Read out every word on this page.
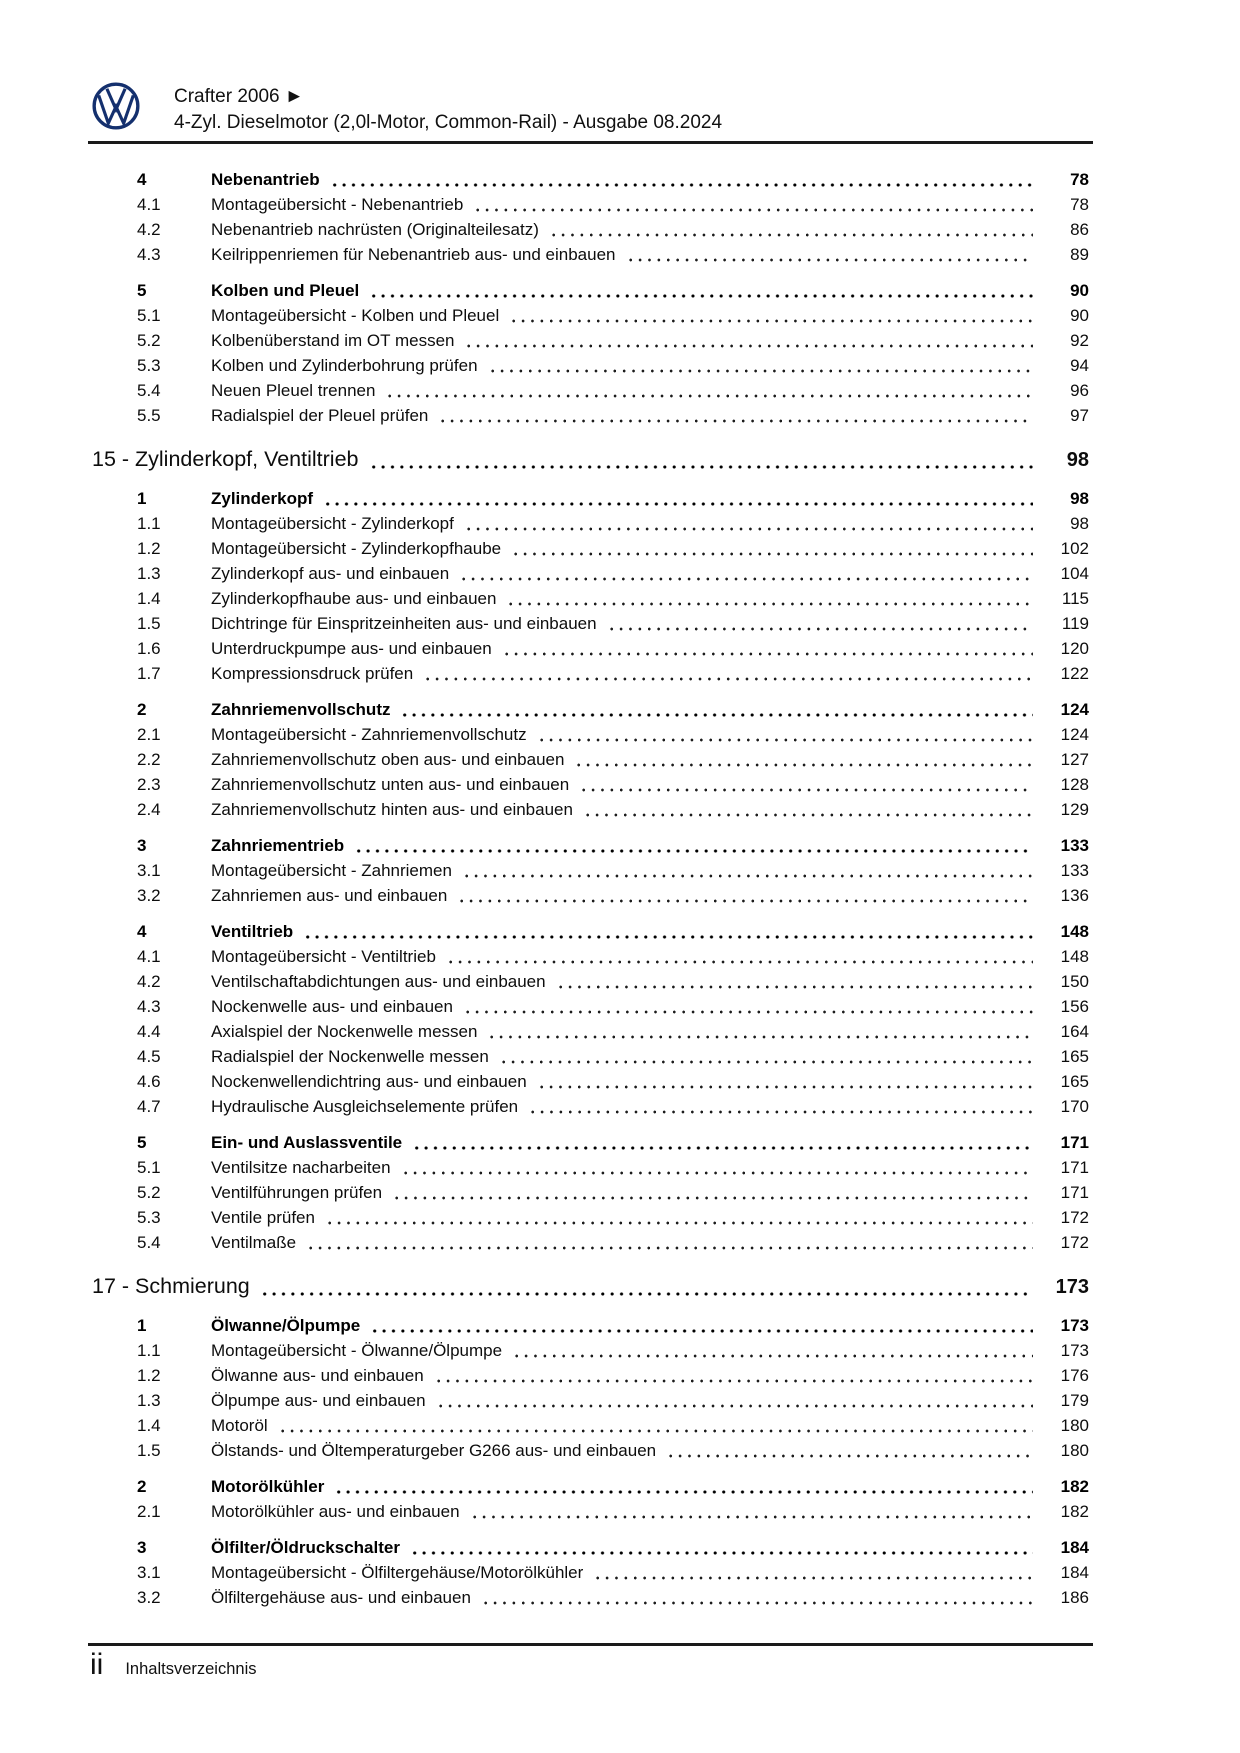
Crafter 2006 ►
4-Zyl. Dieselmotor (2,0l-Motor, Common-Rail) - Ausgabe 08.2024
4	Nebenantrieb	78
4.1	Montageübersicht - Nebenantrieb	78
4.2	Nebenantrieb nachrüsten (Originalteilesatz)	86
4.3	Keilrippenriemen für Nebenantrieb aus- und einbauen	89
5	Kolben und Pleuel	90
5.1	Montageübersicht - Kolben und Pleuel	90
5.2	Kolbenüberstand im OT messen	92
5.3	Kolben und Zylinderbohrung prüfen	94
5.4	Neuen Pleuel trennen	96
5.5	Radialspiel der Pleuel prüfen	97
15 - Zylinderkopf, Ventiltrieb	98
1	Zylinderkopf	98
1.1	Montageübersicht - Zylinderkopf	98
1.2	Montageübersicht - Zylinderkopfhaube	102
1.3	Zylinderkopf aus- und einbauen	104
1.4	Zylinderkopfhaube aus- und einbauen	115
1.5	Dichtringe für Einspritzeinheiten aus- und einbauen	119
1.6	Unterdruckpumpe aus- und einbauen	120
1.7	Kompressionsdruck prüfen	122
2	Zahnriemenvollschutz	124
2.1	Montageübersicht - Zahnriemenvollschutz	124
2.2	Zahnriemenvollschutz oben aus- und einbauen	127
2.3	Zahnriemenvollschutz unten aus- und einbauen	128
2.4	Zahnriemenvollschutz hinten aus- und einbauen	129
3	Zahnriementrieb	133
3.1	Montageübersicht - Zahnriemen	133
3.2	Zahnriemen aus- und einbauen	136
4	Ventiltrieb	148
4.1	Montageübersicht - Ventiltrieb	148
4.2	Ventilschaftabdichtungen aus- und einbauen	150
4.3	Nockenwelle aus- und einbauen	156
4.4	Axialspiel der Nockenwelle messen	164
4.5	Radialspiel der Nockenwelle messen	165
4.6	Nockenwellendichtring aus- und einbauen	165
4.7	Hydraulische Ausgleichselemente prüfen	170
5	Ein- und Auslassventile	171
5.1	Ventilsitze nacharbeiten	171
5.2	Ventilführungen prüfen	171
5.3	Ventile prüfen	172
5.4	Ventilmaße	172
17 - Schmierung	173
1	Ölwanne/Ölpumpe	173
1.1	Montageübersicht - Ölwanne/Ölpumpe	173
1.2	Ölwanne aus- und einbauen	176
1.3	Ölpumpe aus- und einbauen	179
1.4	Motoröl	180
1.5	Ölstands- und Öltemperaturgeber G266 aus- und einbauen	180
2	Motorölkühler	182
2.1	Motorölkühler aus- und einbauen	182
3	Ölfilter/Öldruckschalter	184
3.1	Montageübersicht - Ölfiltergehäuse/Motorölkühler	184
3.2	Ölfiltergehäuse aus- und einbauen	186
ii Inhaltsverzeichnis
